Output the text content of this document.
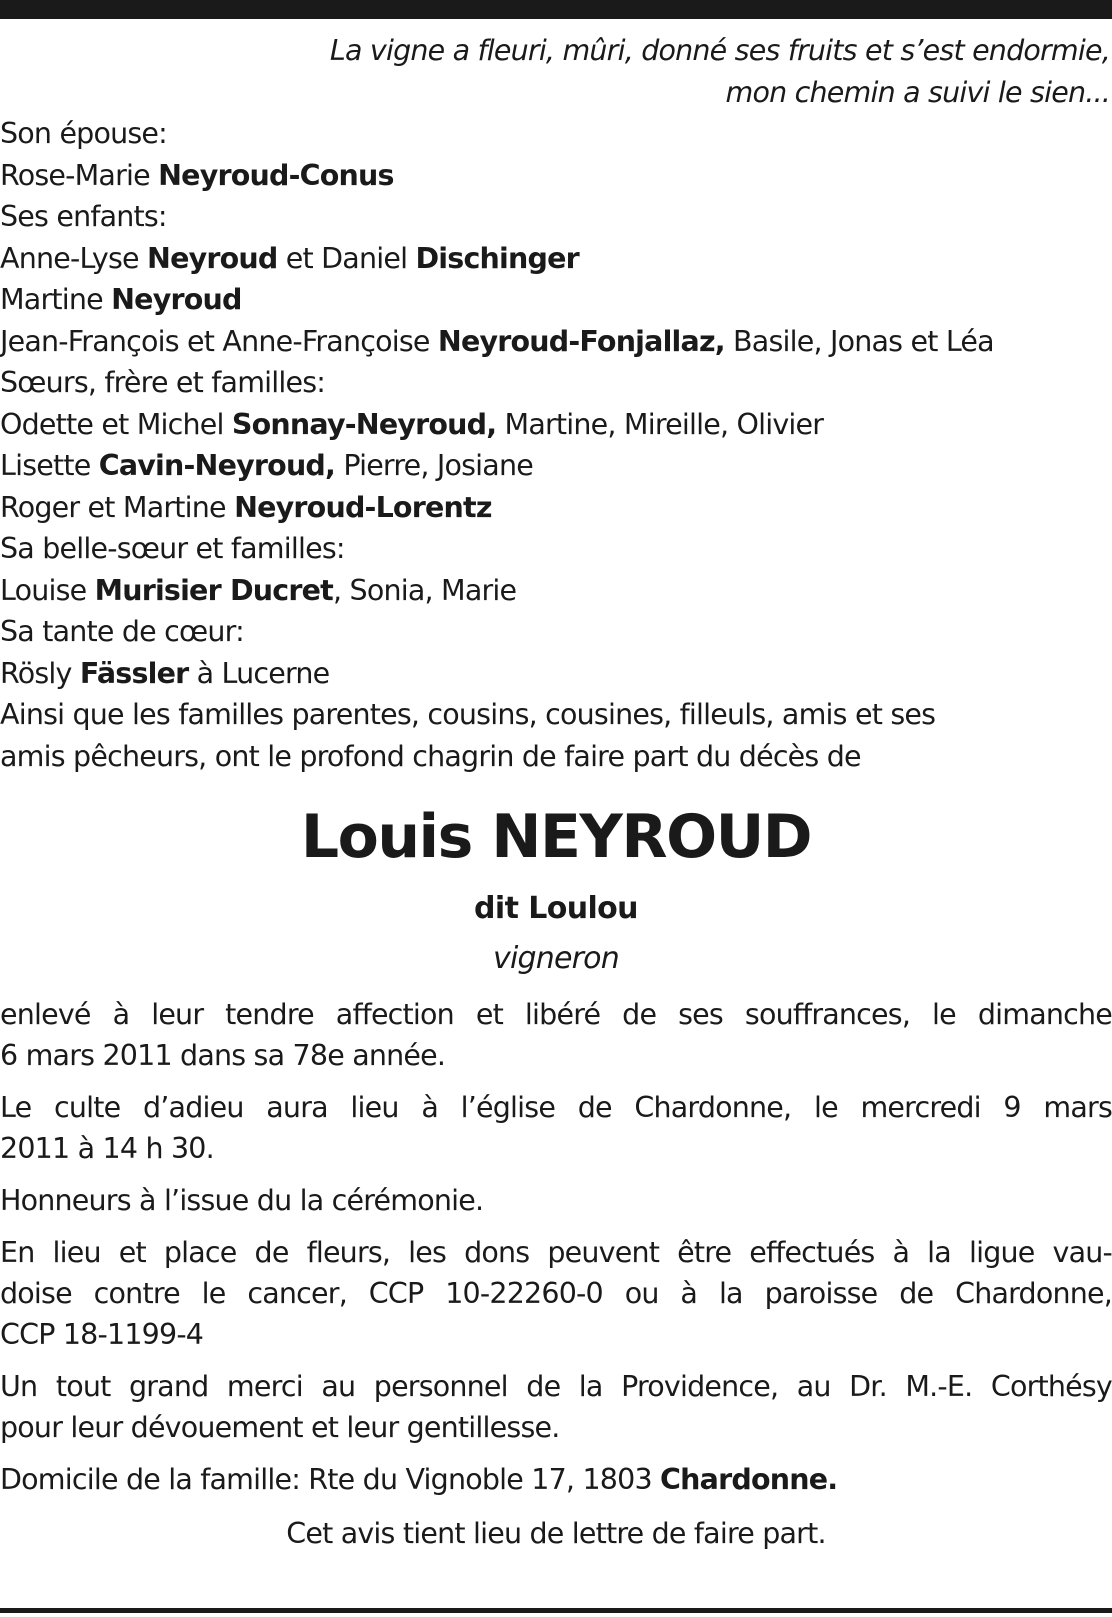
La vigne a fleuri, mûri, donné ses fruits et s’est endormie,
mon chemin a suivi le sien...
Son épouse:
Rose-Marie Neyroud-Conus
Ses enfants:
Anne-Lyse Neyroud et Daniel Dischinger
Martine Neyroud
Jean-François et Anne-Françoise Neyroud-Fonjallaz, Basile, Jonas et Léa
Sœurs, frère et familles:
Odette et Michel Sonnay-Neyroud, Martine, Mireille, Olivier
Lisette Cavin-Neyroud, Pierre, Josiane
Roger et Martine Neyroud-Lorentz
Sa belle-sœur et familles:
Louise Murisier Ducret, Sonia, Marie
Sa tante de cœur:
Rösly Fässler à Lucerne
Ainsi que les familles parentes, cousins, cousines, filleuls, amis et ses
amis pêcheurs, ont le profond chagrin de faire part du décès de
Louis NEYROUD
dit Loulou
vigneron
enlevé à leur tendre affection et libéré de ses souffrances, le dimanche
6 mars 2011 dans sa 78e année.
Le culte d’adieu aura lieu à l’église de Chardonne, le mercredi 9 mars
2011 à 14 h 30.
Honneurs à l’issue du la cérémonie.
En lieu et place de fleurs, les dons peuvent être effectués à la ligue vau-
doise contre le cancer, CCP 10-22260-0 ou à la paroisse de Chardonne,
CCP 18-1199-4
Un tout grand merci au personnel de la Providence, au Dr. M.-E. Corthésy
pour leur dévouement et leur gentillesse.
Domicile de la famille: Rte du Vignoble 17, 1803 Chardonne.
Cet avis tient lieu de lettre de faire part.
